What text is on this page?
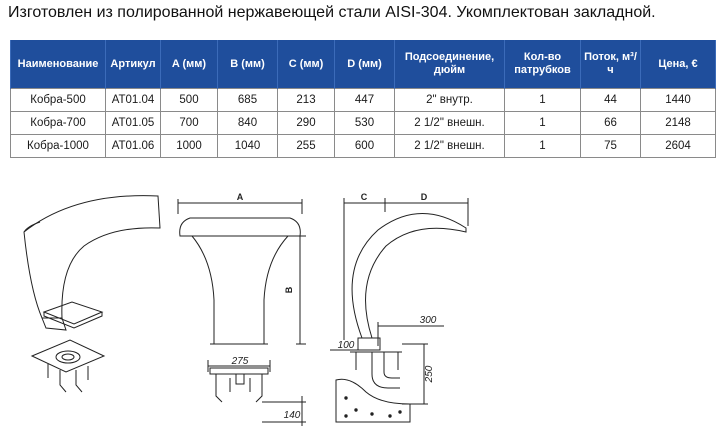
Изготовлен из полированной нержавеющей стали AISI-304. Укомплектован закладной.
Наименование	Артикул	A (мм)	B (мм)	C (мм)	D (мм)	Подсоединение, дюйм	Кол-во патрубков	Поток, м³/ч	Цена, €
Кобра-500	AT01.04	500	685	213	447	2" внутр.	1	44	1440
Кобра-700	AT01.05	700	840	290	530	2 1/2" внешн.	1	66	2148
Кобра-1000	AT01.06	1000	1040	255	600	2 1/2" внешн.	1	75	2604
A
B
275
140
C	D
300
100
250
